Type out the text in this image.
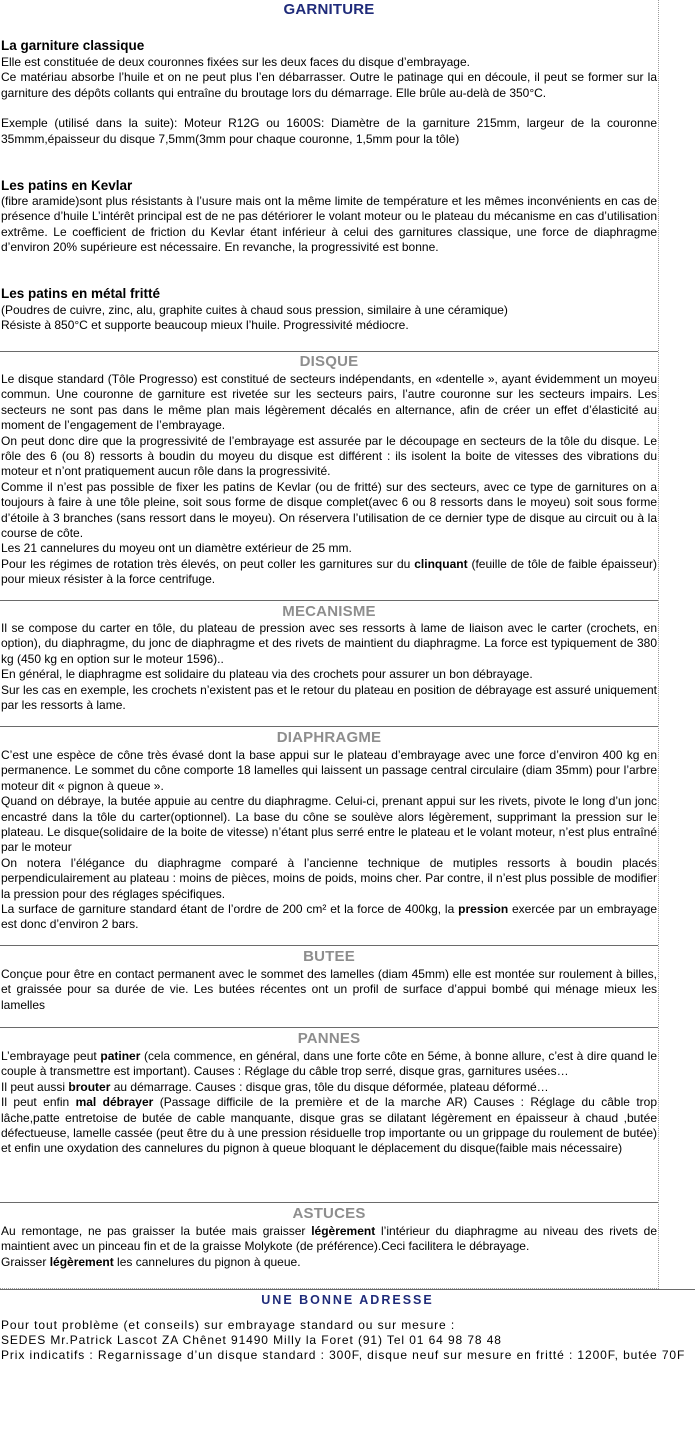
GARNITURE
La garniture classique

Elle est constituée de deux couronnes fixées sur les deux faces du disque d’embrayage.

Ce matériau absorbe l’huile et on ne peut plus l’en débarrasser. Outre le patinage qui en découle, il peut se former sur la garniture des dépôts collants qui entraîne du broutage lors du démarrage. Elle brûle au-delà de 350°C.

Exemple (utilisé dans la suite): Moteur R12G ou 1600S: Diamètre de la garniture 215mm, largeur de la couronne 35mmm,épaisseur du disque 7,5mm(3mm pour chaque couronne, 1,5mm pour la tôle)

Les patins en Kevlar

(fibre aramide)sont plus résistants à l’usure mais ont la même limite de température et les mêmes inconvénients en cas de présence d’huile L’intérêt principal est de ne pas détériorer le volant moteur ou le plateau du mécanisme en cas d’utilisation extrême. Le coefficient de friction du Kevlar étant inférieur à celui des garnitures classique, une force de diaphragme d’environ 20% supérieure est nécessaire. En revanche, la progressivité est bonne.

Les patins en métal fritté

(Poudres de cuivre, zinc, alu, graphite cuites à chaud sous pression, similaire à une céramique)

Résiste à 850°C et supporte beaucoup mieux l’huile. Progressivité médiocre.

DISQUE

Le disque standard (Tôle Progresso) est constitué de secteurs indépendants, en «dentelle », ayant évidemment un moyeu commun. Une couronne de garniture est rivetée sur les secteurs pairs, l’autre couronne sur les secteurs impairs. Les secteurs ne sont pas dans le même plan mais légèrement décalés en alternance, afin de créer un effet d’élasticité au moment de l’engagement de l’embrayage.

On peut donc dire que la progressivité de l’embrayage est assurée par le découpage en secteurs de la tôle du disque. Le rôle des 6 (ou 8) ressorts à boudin du moyeu du disque est différent : ils isolent la boite de vitesses des vibrations du moteur et n’ont pratiquement aucun rôle dans la progressivité.

Comme il n’est pas possible de fixer les patins de Kevlar (ou de fritté) sur des secteurs, avec ce type de garnitures on a toujours à faire à une tôle pleine, soit sous forme de disque complet(avec 6 ou 8 ressorts dans le moyeu) soit sous forme d’étoile à 3 branches (sans ressort dans le moyeu). On réservera l’utilisation de ce dernier type de disque au circuit ou à la course de côte.

Les 21 cannelures du moyeu ont un diamètre extérieur de 25 mm.

Pour les régimes de rotation très élevés, on peut coller les garnitures sur du clinquant (feuille de tôle de faible épaisseur) pour mieux résister à la force centrifuge.

MECANISME

Il se compose du carter en tôle, du plateau de pression avec ses ressorts à lame de liaison avec le carter (crochets, en option), du diaphragme, du jonc de diaphragme et des rivets de maintient du diaphragme. La force est typiquement de 380 kg (450 kg en option sur le moteur 1596)..

En général, le diaphragme est solidaire du plateau via des crochets pour assurer un bon débrayage.

Sur les cas en exemple, les crochets n’existent pas et le retour du plateau en position de débrayage est assuré uniquement par les ressorts à lame.

DIAPHRAGME

C’est une espèce de cône très évasé dont la base appui sur le plateau d’embrayage avec une force d’environ 400 kg en permanence. Le sommet du cône comporte 18 lamelles qui laissent un passage central circulaire (diam 35mm) pour l’arbre moteur dit « pignon à queue ».

Quand on débraye, la butée appuie au centre du diaphragme. Celui-ci, prenant appui sur les rivets, pivote le long d’un jonc encastré dans la tôle du carter(optionnel). La base du cône se soulève alors légèrement, supprimant la pression sur le plateau. Le disque(solidaire de la boite de vitesse) n’étant plus serré entre le plateau et le volant moteur, n’est plus entraîné par le moteur

On notera l’élégance du diaphragme comparé à l’ancienne technique de mutiples ressorts à boudin placés perpendiculairement au plateau : moins de pièces, moins de poids, moins cher. Par contre, il n’est plus possible de modifier la pression pour des réglages spécifiques.

La surface de garniture standard étant de l’ordre de 200 cm² et la force de 400kg, la pression exercée par un embrayage est donc d’environ 2 bars.

BUTEE

Conçue pour être en contact permanent avec le sommet des lamelles (diam 45mm) elle est montée sur roulement à billes, et graissée pour sa durée de vie. Les butées récentes ont un profil de surface d’appui bombé qui ménage mieux les lamelles

PANNES

L’embrayage peut patiner (cela commence, en général, dans une forte côte en 5éme, à bonne allure, c’est à dire quand le couple à transmettre est important). Causes : Réglage du câble trop serré, disque gras, garnitures usées…

Il peut aussi brouter au démarrage. Causes : disque gras, tôle du disque déformée, plateau déformé…

Il peut enfin mal débrayer (Passage difficile de la première et de la marche AR) Causes : Réglage du câble trop lâche,patte entretoise de butée de cable manquante, disque gras se dilatant légèrement en épaisseur à chaud ,butée défectueuse, lamelle cassée (peut être du à une pression résiduelle trop importante ou un grippage du roulement de butée) et enfin une oxydation des cannelures du pignon à queue bloquant le déplacement du disque(faible mais nécessaire)

ASTUCES

Au remontage, ne pas graisser la butée mais graisser légèrement l’intérieur du diaphragme au niveau des rivets de maintient avec un pinceau fin et de la graisse Molykote (de préférence).Ceci facilitera le débrayage.

Graisser légèrement les cannelures du pignon à queue.

UNE BONNE ADRESSE

Pour tout problème (et conseils) sur embrayage standard ou sur mesure :

SEDES Mr.Patrick Lascot ZA Chênet 91490 Milly la Foret (91) Tel 01 64 98 78 48

Prix indicatifs : Regarnissage d’un disque standard : 300F, disque neuf sur mesure en fritté : 1200F, butée 70F
